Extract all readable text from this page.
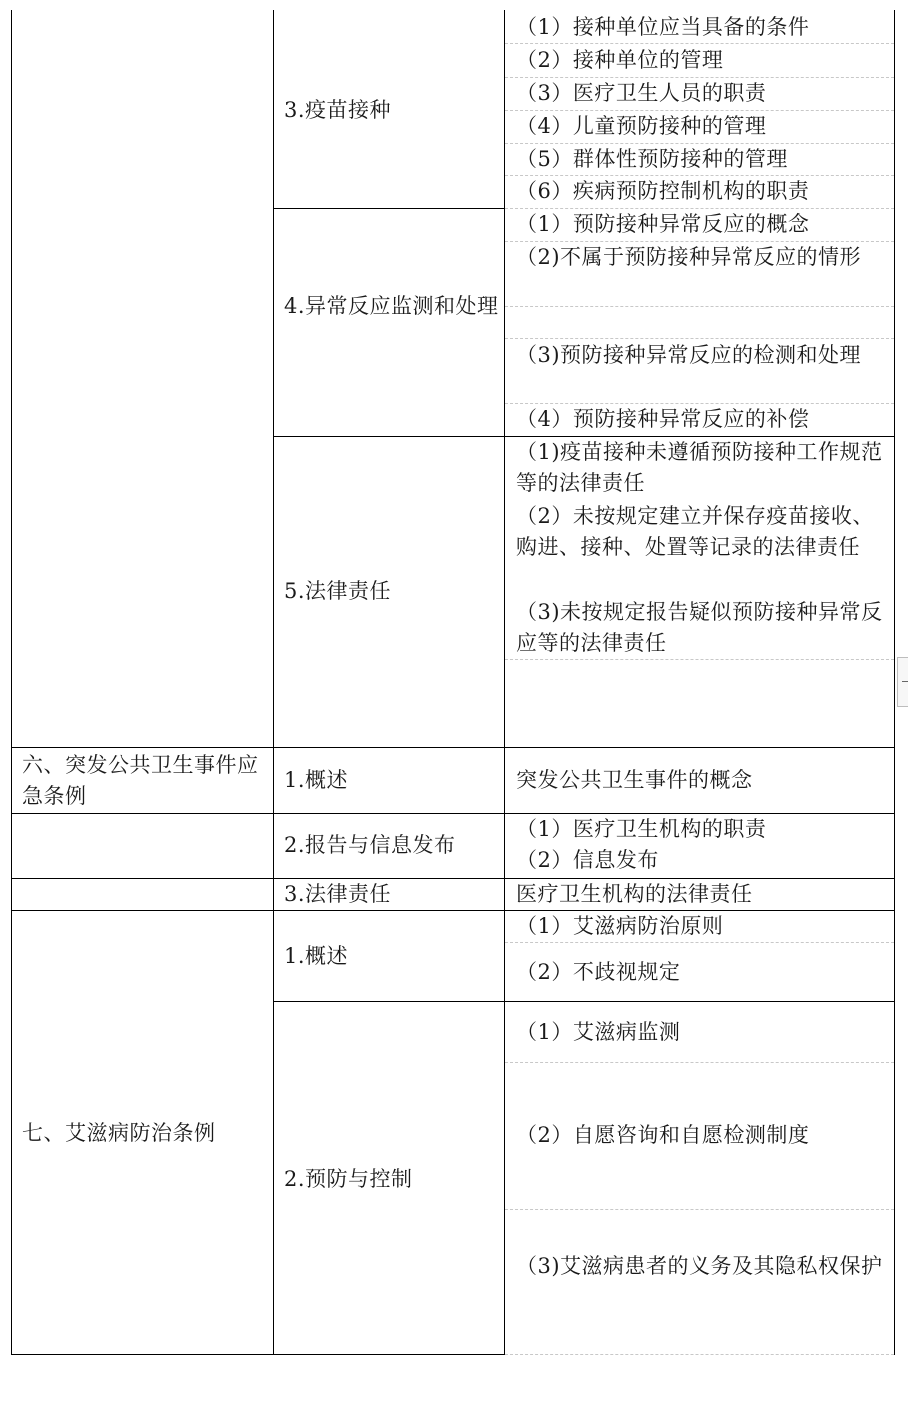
3.疫苗接种
（1）接种单位应当具备的条件
（2）接种单位的管理
（3）医疗卫生人员的职责
（4）儿童预防接种的管理
（5）群体性预防接种的管理
（6）疾病预防控制机构的职责
4.异常反应监测和处理
（1）预防接种异常反应的概念
（2)不属于预防接种异常反应的情形
（3)预防接种异常反应的检测和处理
（4）预防接种异常反应的补偿
5.法律责任
（1)疫苗接种未遵循预防接种工作规范等的法律责任
（2）未按规定建立并保存疫苗接收、购进、接种、处置等记录的法律责任
（3)未按规定报告疑似预防接种异常反应等的法律责任
六、突发公共卫生事件应急条例
1.概述	突发公共卫生事件的概念
2.报告与信息发布
（1）医疗卫生机构的职责
（2）信息发布
3.法律责任	医疗卫生机构的法律责任
七、艾滋病防治条例
1.概述
（1）艾滋病防治原则
（2）不歧视规定
2.预防与控制
（1）艾滋病监测
（2）自愿咨询和自愿检测制度
（3)艾滋病患者的义务及其隐私权保护
